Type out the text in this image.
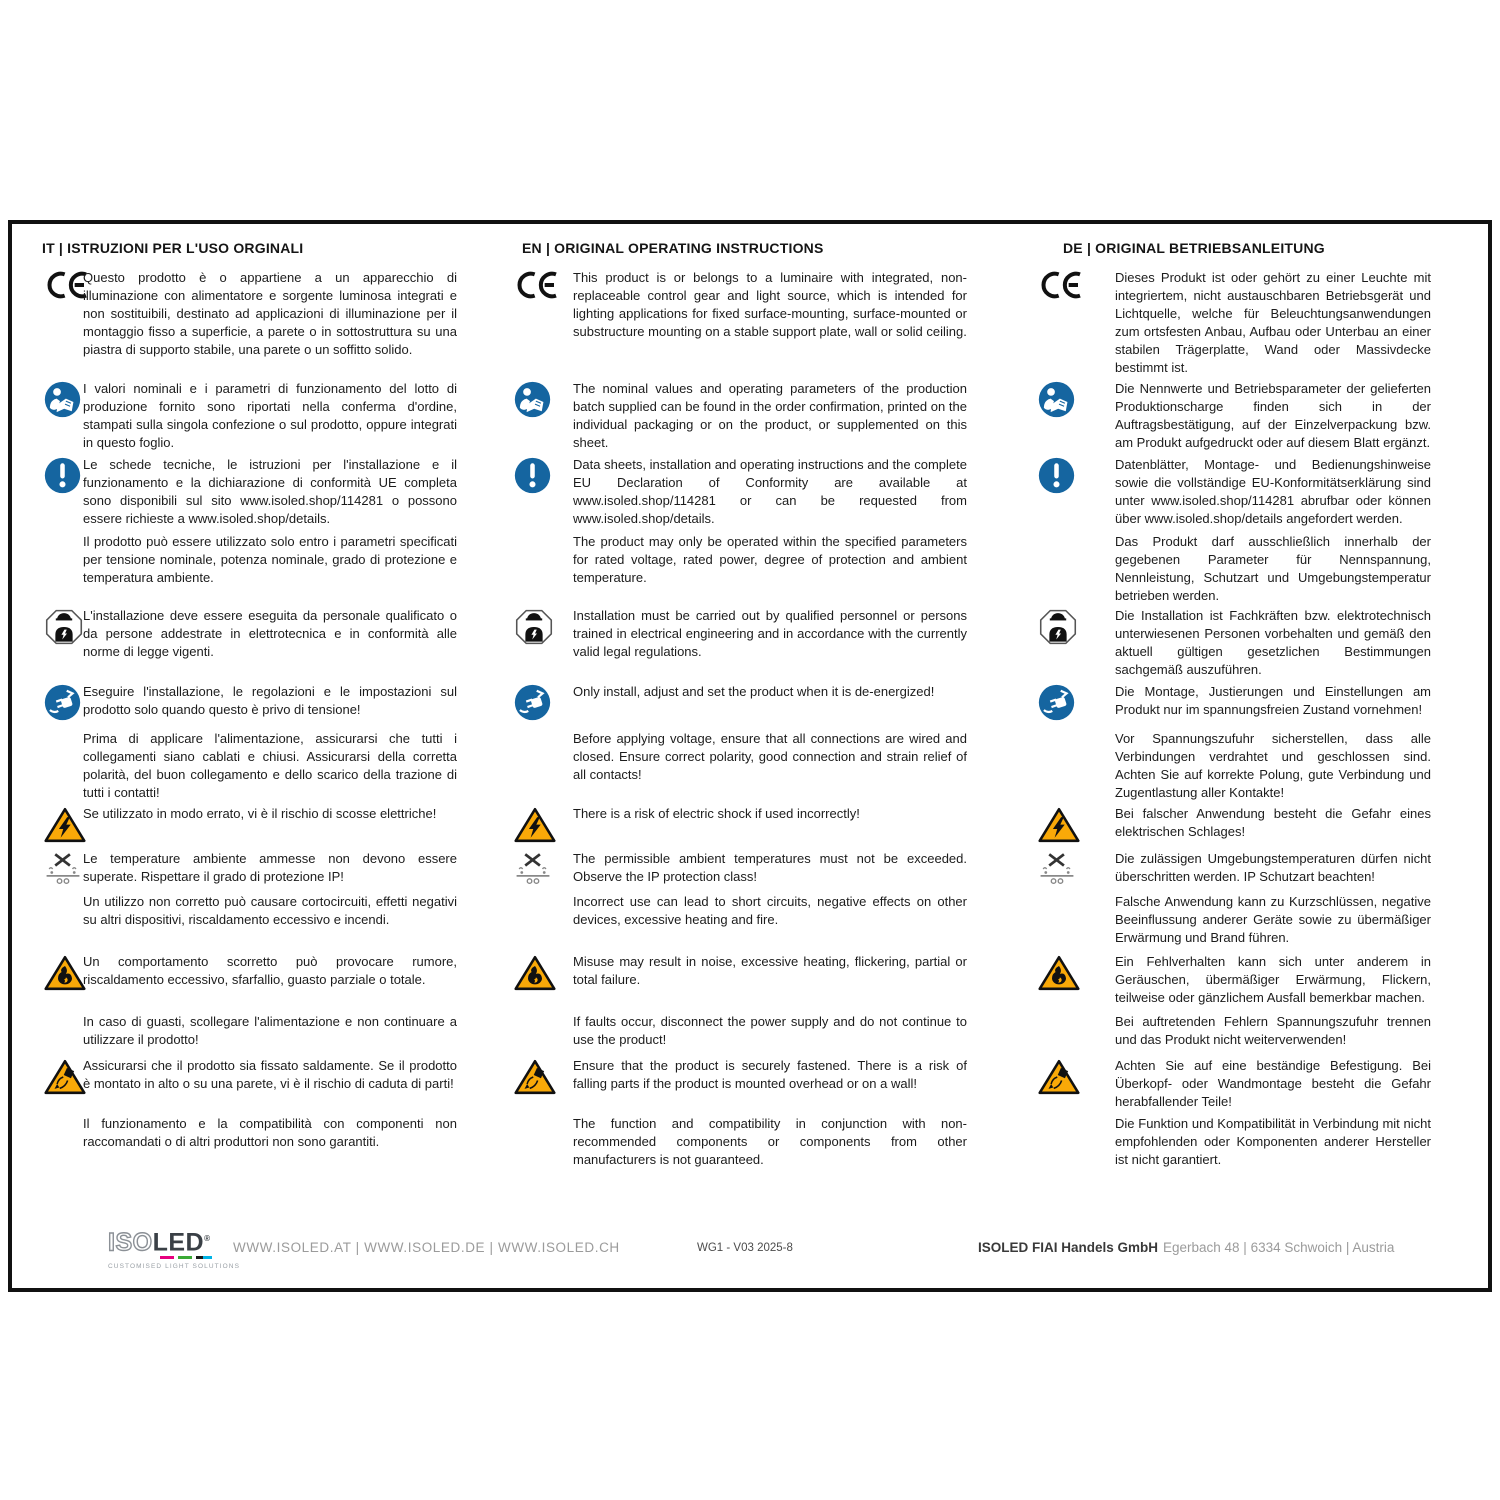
IT | ISTRUZIONI PER L'USO ORGINALI
Questo prodotto è o appartiene a un apparecchio di illuminazione con alimentatore e sorgente luminosa integrati e non sostituibili, destinato ad applicazioni di illuminazione per il montaggio fisso a superficie, a parete o in sottostruttura su una piastra di supporto stabile, una parete o un soffitto solido.
I valori nominali e i parametri di funzionamento del lotto di produzione fornito sono riportati nella conferma d'ordine, stampati sulla singola confezione o sul prodotto, oppure integrati in questo foglio.
Le schede tecniche, le istruzioni per l'installazione e il funzionamento e la dichiarazione di conformità UE completa sono disponibili sul sito www.isoled.shop/114281 o possono essere richieste a www.isoled.shop/details.
Il prodotto può essere utilizzato solo entro i parametri specificati per tensione nominale, potenza nominale, grado di protezione e temperatura ambiente.
L'installazione deve essere eseguita da personale qualificato o da persone addestrate in elettrotecnica e in conformità alle norme di legge vigenti.
Eseguire l'installazione, le regolazioni e le impostazioni sul prodotto solo quando questo è privo di tensione!
Prima di applicare l'alimentazione, assicurarsi che tutti i collegamenti siano cablati e chiusi. Assicurarsi della corretta polarità, del buon collegamento e dello scarico della trazione di tutti i contatti!
Se utilizzato in modo errato, vi è il rischio di scosse elettriche!
Le temperature ambiente ammesse non devono essere superate. Rispettare il grado di protezione IP!
Un utilizzo non corretto può causare cortocircuiti, effetti negativi su altri dispositivi, riscaldamento eccessivo e incendi.
Un comportamento scorretto può provocare rumore, riscaldamento eccessivo, sfarfallio, guasto parziale o totale.
In caso di guasti, scollegare l'alimentazione e non continuare a utilizzare il prodotto!
Assicurarsi che il prodotto sia fissato saldamente. Se il prodotto è montato in alto o su una parete, vi è il rischio di caduta di parti!
Il funzionamento e la compatibilità con componenti non raccomandati o di altri produttori non sono garantiti.
EN | ORIGINAL OPERATING INSTRUCTIONS
This product is or belongs to a luminaire with integrated, non-replaceable control gear and light source, which is intended for lighting applications for fixed surface-mounting, surface-mounted or substructure mounting on a stable support plate, wall or solid ceiling.
The nominal values and operating parameters of the production batch supplied can be found in the order confirmation, printed on the individual packaging or on the product, or supplemented on this sheet.
Data sheets, installation and operating instructions and the complete EU Declaration of Conformity are available at www.isoled.shop/114281 or can be requested from www.isoled.shop/details.
The product may only be operated within the specified parameters for rated voltage, rated power, degree of protection and ambient temperature.
Installation must be carried out by qualified personnel or persons trained in electrical engineering and in accordance with the currently valid legal regulations.
Only install, adjust and set the product when it is de-energized!
Before applying voltage, ensure that all connections are wired and closed. Ensure correct polarity, good connection and strain relief of all contacts!
There is a risk of electric shock if used incorrectly!
The permissible ambient temperatures must not be exceeded. Observe the IP protection class!
Incorrect use can lead to short circuits, negative effects on other devices, excessive heating and fire.
Misuse may result in noise, excessive heating, flickering, partial or total failure.
If faults occur, disconnect the power supply and do not continue to use the product!
Ensure that the product is securely fastened. There is a risk of falling parts if the product is mounted overhead or on a wall!
The function and compatibility in conjunction with non-recommended components or components from other manufacturers is not guaranteed.
DE | ORIGINAL BETRIEBSANLEITUNG
Dieses Produkt ist oder gehört zu einer Leuchte mit integriertem, nicht austauschbaren Betriebsgerät und Lichtquelle, welche für Beleuchtungsanwendungen zum ortsfesten Anbau, Aufbau oder Unterbau an einer stabilen Trägerplatte, Wand oder Massivdecke bestimmt ist.
Die Nennwerte und Betriebsparameter der gelieferten Produktionscharge finden sich in der Auftragsbestätigung, auf der Einzelverpackung bzw. am Produkt aufgedruckt oder auf diesem Blatt ergänzt.
Datenblätter, Montage- und Bedienungshinweise sowie die vollständige EU-Konformitätserklärung sind unter www.isoled.shop/114281 abrufbar oder können über www.isoled.shop/details angefordert werden.
Das Produkt darf ausschließlich innerhalb der gegebenen Parameter für Nennspannung, Nennleistung, Schutzart und Umgebungstemperatur betrieben werden.
Die Installation ist Fachkräften bzw. elektrotechnisch unterwiesenen Personen vorbehalten und gemäß den aktuell gültigen gesetzlichen Bestimmungen sachgemäß auszuführen.
Die Montage, Justierungen und Einstellungen am Produkt nur im spannungsfreien Zustand vornehmen!
Vor Spannungszufuhr sicherstellen, dass alle Verbindungen verdrahtet und geschlossen sind. Achten Sie auf korrekte Polung, gute Verbindung und Zugentlastung aller Kontakte!
Bei falscher Anwendung besteht die Gefahr eines elektrischen Schlages!
Die zulässigen Umgebungstemperaturen dürfen nicht überschritten werden. IP Schutzart beachten!
Falsche Anwendung kann zu Kurzschlüssen, negative Beeinflussung anderer Geräte sowie zu übermäßiger Erwärmung und Brand führen.
Ein Fehlverhalten kann sich unter anderem in Geräuschen, übermäßiger Erwärmung, Flickern, teilweise oder gänzlichem Ausfall bemerkbar machen.
Bei auftretenden Fehlern Spannungszufuhr trennen und das Produkt nicht weiterverwenden!
Achten Sie auf eine beständige Befestigung. Bei Überkopf- oder Wandmontage besteht die Gefahr herabfallender Teile!
Die Funktion und Kompatibilität in Verbindung mit nicht empfohlenden oder Komponenten anderer Hersteller ist nicht garantiert.
ISOLED®
CUSTOMISED LIGHT SOLUTIONS
WWW.ISOLED.AT | WWW.ISOLED.DE | WWW.ISOLED.CH	WG1 - V03 2025-8	ISOLED FIAI Handels GmbH Egerbach 48 | 6334 Schwoich | Austria
